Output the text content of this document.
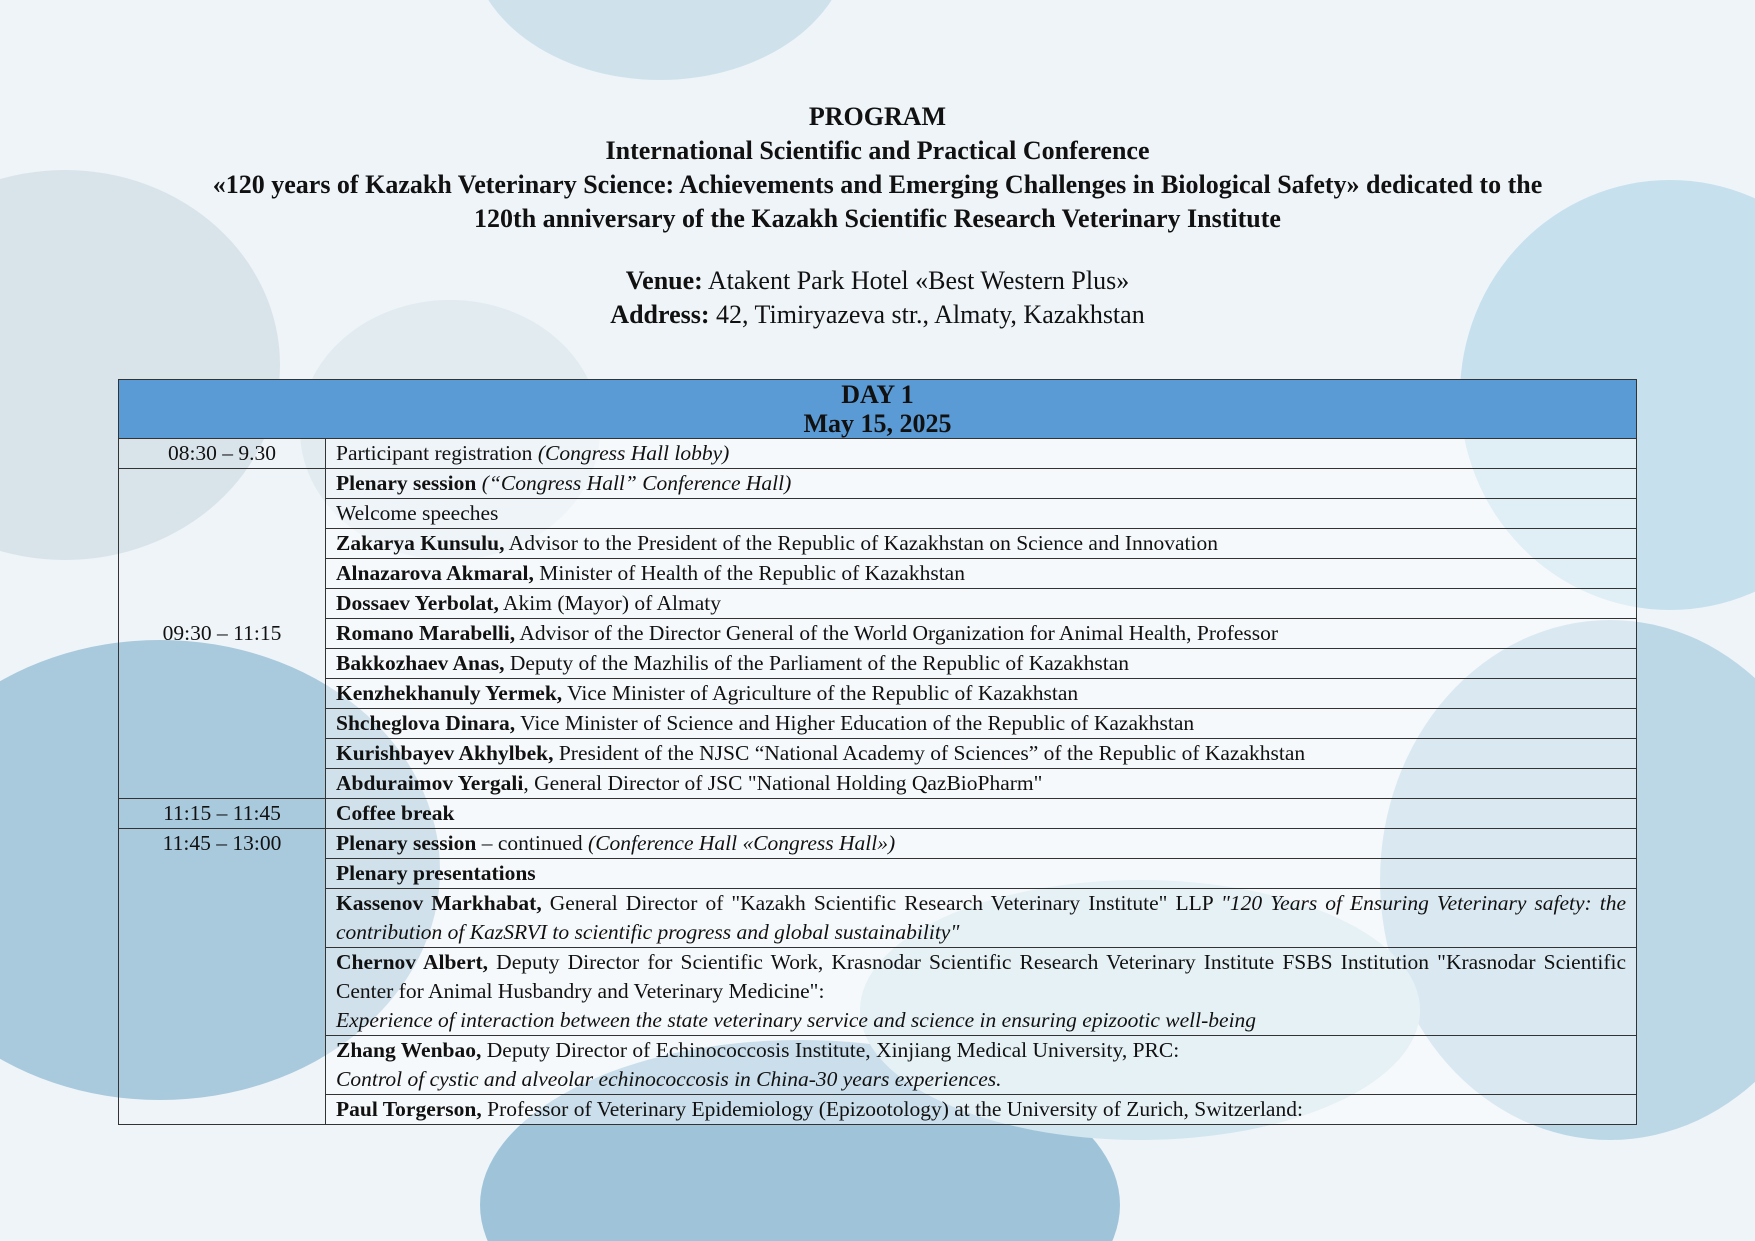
PROGRAM
International Scientific and Practical Conference
«120 years of Kazakh Veterinary Science: Achievements and Emerging Challenges in Biological Safety» dedicated to the
120th anniversary of the Kazakh Scientific Research Veterinary Institute
Venue: Atakent Park Hotel «Best Western Plus»
Address: 42, Timiryazeva str., Almaty, Kazakhstan
DAY 1
May 15, 2025	

08:30 – 9.30	Participant registration (Congress Hall lobby)
09:30 – 11:15	Plenary session (“Congress Hall” Conference Hall)
	Welcome speeches
	Zakarya Kunsulu, Advisor to the President of the Republic of Kazakhstan on Science and Innovation
	Alnazarova Akmaral, Minister of Health of the Republic of Kazakhstan
	Dossaev Yerbolat, Akim (Mayor) of Almaty
	Romano Marabelli, Advisor of the Director General of the World Organization for Animal Health, Professor
	Bakkozhaev Anas, Deputy of the Mazhilis of the Parliament of the Republic of Kazakhstan
	Kenzhekhanuly Yermek, Vice Minister of Agriculture of the Republic of Kazakhstan
	Shcheglova Dinara, Vice Minister of Science and Higher Education of the Republic of Kazakhstan
	Kurishbayev Akhylbek, President of the NJSC “National Academy of Sciences” of the Republic of Kazakhstan
	Abduraimov Yergali, General Director of JSC "National Holding QazBioPharm"
11:15 – 11:45	Coffee break
11:45 – 13:00	Plenary session – continued (Conference Hall «Congress Hall»)
	Plenary presentations
	Kassenov Markhabat, General Director of "Kazakh Scientific Research Veterinary Institute" LLP "120 Years of Ensuring Veterinary safety: the contribution of KazSRVI to scientific progress and global sustainability"
	Chernov Albert, Deputy Director for Scientific Work, Krasnodar Scientific Research Veterinary Institute FSBS Institution "Krasnodar Scientific Center for Animal Husbandry and Veterinary Medicine":
Experience of interaction between the state veterinary service and science in ensuring epizootic well-being

	Zhang Wenbao, Deputy Director of Echinococcosis Institute, Xinjiang Medical University, PRC:
Control of cystic and alveolar echinococcosis in China-30 years experiences.

	Paul Torgerson, Professor of Veterinary Epidemiology (Epizootology) at the University of Zurich, Switzerland:
